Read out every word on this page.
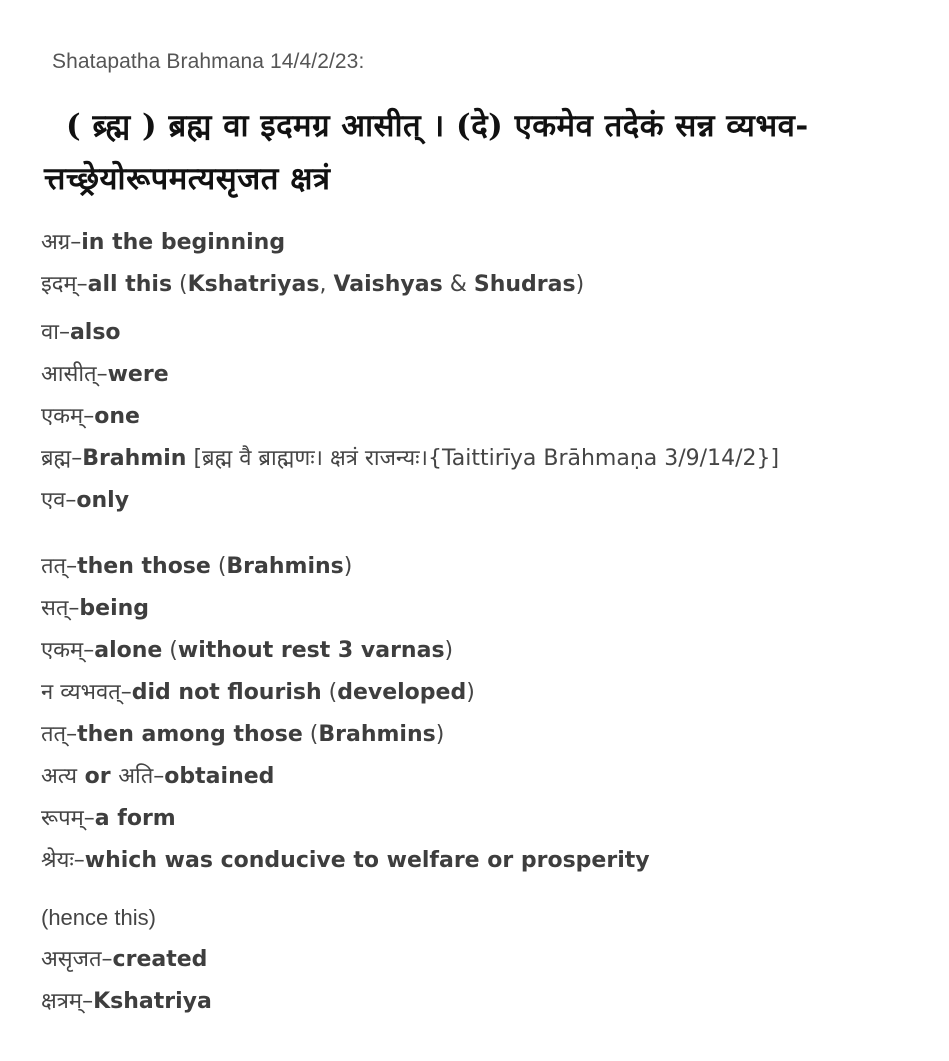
Shatapatha Brahmana 14/4/2/23:
( ब्र्ह्म ) ब्रह्म वा इदमग्र आसीत् । (दे) एकमेव तदेकं सन्न व्यभव-
त्तच्छ्रेयोरूपमत्यसृजत क्षत्रं
अग्र–in the beginning
इदम्–all this (Kshatriyas, Vaishyas & Shudras)
वा–also
आसीत्–were
एकम्–one
ब्रह्म–Brahmin [ब्रह्म वै ब्राह्मणः। क्षत्रं राजन्यः।{Taittirīya Brāhmaṇa 3/9/14/2}]
एव–only
तत्–then those (Brahmins)
सत्–being
एकम्–alone (without rest 3 varnas)
न व्यभवत्–did not flourish (developed)
तत्–then among those (Brahmins)
अत्य or अति–obtained
रूपम्–a form
श्रेयः–which was conducive to welfare or prosperity
(hence this)
असृजत–created
क्षत्रम्–Kshatriya
